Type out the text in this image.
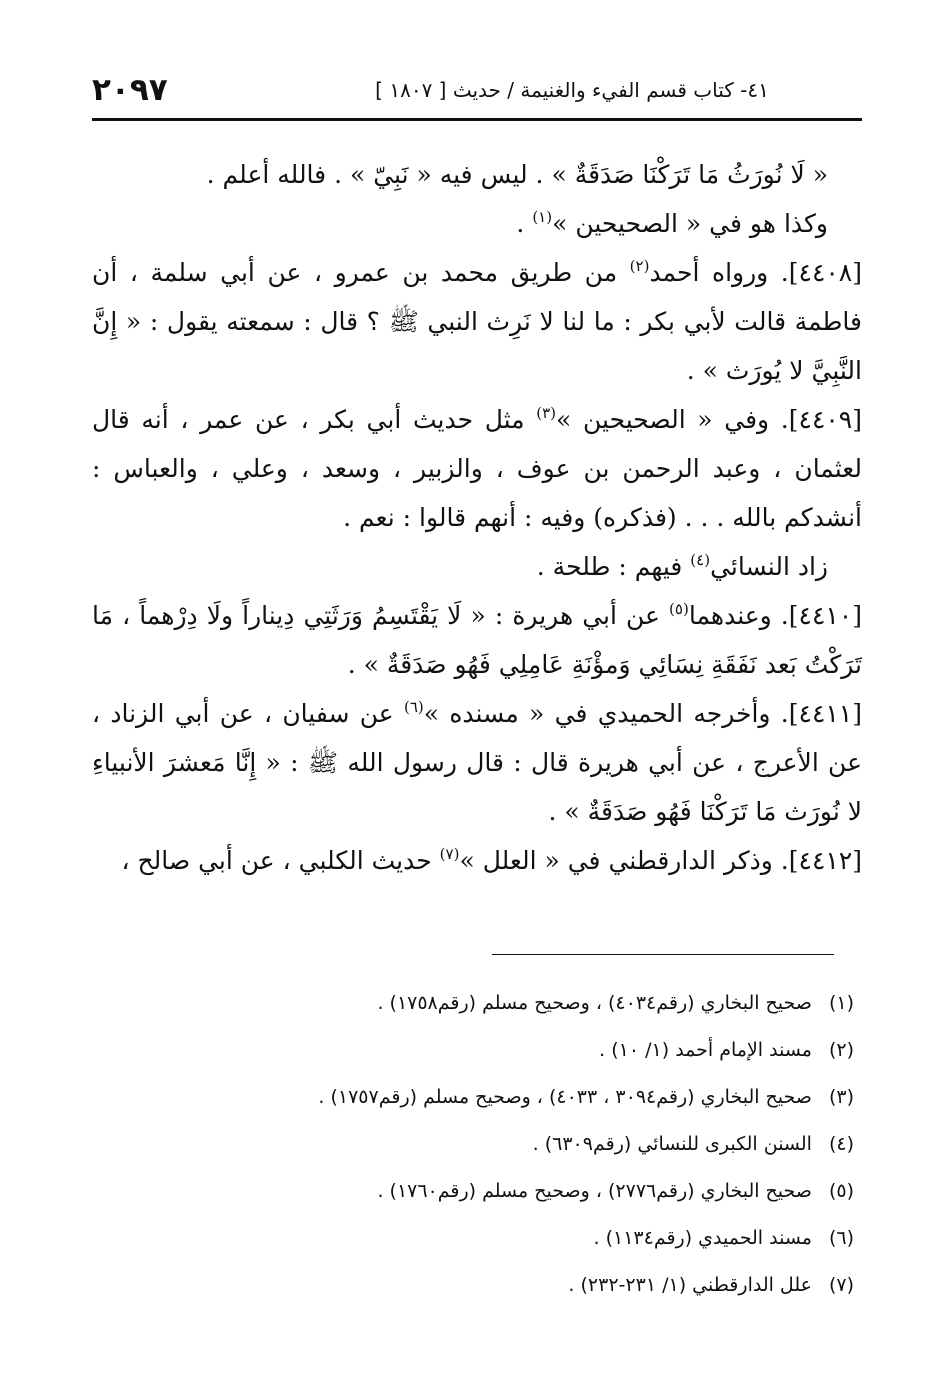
٢٠٩٧	٤١- كتاب قسم الفيء والغنيمة / حديث [ ١٨٠٧ ]

« لَا نُورَثُ مَا تَرَكْنَا صَدَقَةٌ » . ليس فيه « نَبِيّ » . فالله أعلم .

وكذا هو في « الصحيحين »$^{(١)}$ .

[٤٤٠٨]. ورواه أحمد$^{(٢)}$ من طريق محمد بن عمرو ، عن أبي سلمة ، أن فاطمة قالت لأبي بكر : ما لنا لا نَرِث النبي ﷺ ؟ قال : سمعته يقول : « إِنَّ النَّبِيَّ لا يُورَث » .

[٤٤٠٩]. وفي « الصحيحين »$^{(٣)}$ مثل حديث أبي بكر ، عن عمر ، أنه قال لعثمان ، وعبد الرحمن بن عوف ، والزبير ، وسعد ، وعلي ، والعباس : أنشدكم بالله . . . (فذكره) وفيه : أنهم قالوا : نعم .

زاد النسائي$^{(٤)}$ فيهم : طلحة .

[٤٤١٠]. وعندهما$^{(٥)}$ عن أبي هريرة : « لَا يَقْتَسِمُ وَرَثَتِي دِيناراً ولَا دِرْهماً ، مَا تَرَكْتُ بَعد نَفَقَةِ نِسَائِي وَمؤْنَةِ عَامِلِي فَهُو صَدَقَةٌ » .

[٤٤١١]. وأخرجه الحميدي في « مسنده »$^{(٦)}$ عن سفيان ، عن أبي الزناد ، عن الأعرج ، عن أبي هريرة قال : قال رسول الله ﷺ : « إِنَّا مَعشرَ الأنبياءِ لا نُورَث مَا تَرَكْنَا فَهُو صَدَقَةٌ » .

[٤٤١٢]. وذكر الدارقطني في « العلل »$^{(٧)}$ حديث الكلبي ، عن أبي صالح ،

(١) صحيح البخاري (رقم٤٠٣٤) ، وصحيح مسلم (رقم١٧٥٨) .

(٢) مسند الإمام أحمد (١/ ١٠) .

(٣) صحيح البخاري (رقم٣٠٩٤ ، ٤٠٣٣) ، وصحيح مسلم (رقم١٧٥٧) .

(٤) السنن الكبرى للنسائي (رقم٦٣٠٩) .

(٥) صحيح البخاري (رقم٢٧٧٦) ، وصحيح مسلم (رقم١٧٦٠) .

(٦) مسند الحميدي (رقم١١٣٤) .

(٧) علل الدارقطني (١/ ٢٣١-٢٣٢) .
